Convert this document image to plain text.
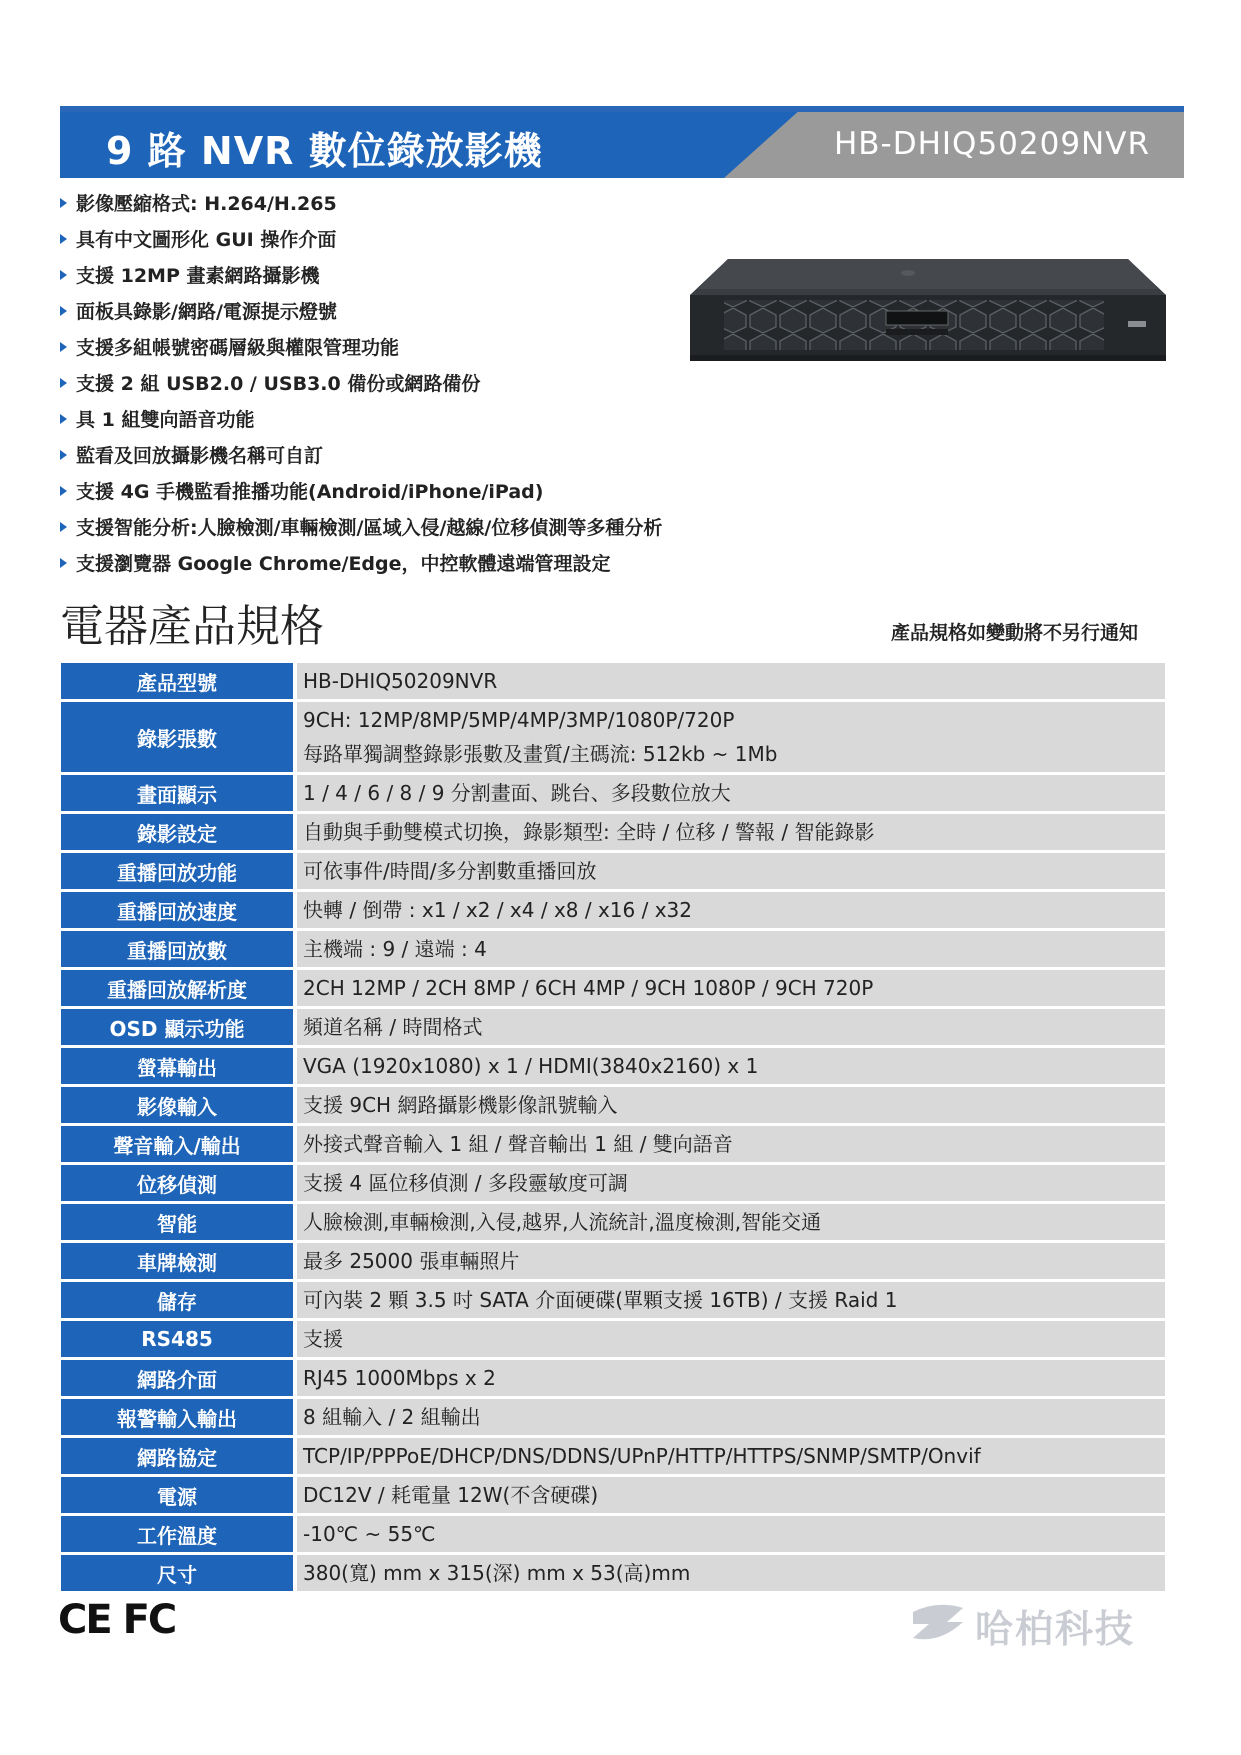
9 路 NVR 數位錄放影機	HB-DHIQ50209NVR
影像壓縮格式: H.264/H.265
具有中文圖形化 GUI 操作介面
支援 12MP 畫素網路攝影機
面板具錄影/網路/電源提示燈號
支援多組帳號密碼層級與權限管理功能
支援 2 組 USB2.0 / USB3.0 備份或網路備份
具 1 組雙向語音功能
監看及回放攝影機名稱可自訂
支援 4G 手機監看推播功能(Android/iPhone/iPad)
支援智能分析:人臉檢測/車輛檢測/區域入侵/越線/位移偵測等多種分析
支援瀏覽器 Google Chrome/Edge，中控軟體遠端管理設定
電器產品規格	產品規格如變動將不另行通知
產品型號	HB-DHIQ50209NVR

錄影張數	9CH: 12MP/8MP/5MP/4MP/3MP/1080P/720P
每路單獨調整錄影張數及畫質/主碼流: 512kb ~ 1Mb

畫面顯示	1 / 4 / 6 / 8 / 9 分割畫面、跳台、多段數位放大

錄影設定	自動與手動雙模式切換，錄影類型: 全時 / 位移 / 警報 / 智能錄影

重播回放功能	可依事件/時間/多分割數重播回放

重播回放速度	快轉 / 倒帶 : x1 / x2 / x4 / x8 / x16 / x32

重播回放數	主機端 : 9 / 遠端 : 4

重播回放解析度	2CH 12MP / 2CH 8MP / 6CH 4MP / 9CH 1080P / 9CH 720P

OSD 顯示功能	頻道名稱 / 時間格式

螢幕輸出	VGA (1920x1080) x 1 / HDMI(3840x2160) x 1

影像輸入	支援 9CH 網路攝影機影像訊號輸入

聲音輸入/輸出	外接式聲音輸入 1 組 / 聲音輸出 1 組 / 雙向語音

位移偵測	支援 4 區位移偵測 / 多段靈敏度可調

智能	人臉檢測,車輛檢測,入侵,越界,人流統計,溫度檢測,智能交通

車牌檢測	最多 25000 張車輛照片

儲存	可內裝 2 顆 3.5 吋 SATA 介面硬碟(單顆支援 16TB) / 支援 Raid 1

RS485	支援

網路介面	RJ45 1000Mbps x 2

報警輸入輸出	8 組輸入 / 2 組輸出

網路協定	TCP/IP/PPPoE/DHCP/DNS/DDNS/UPnP/HTTP/HTTPS/SNMP/SMTP/Onvif

電源	DC12V / 耗電量 12W(不含硬碟)

工作溫度	-10℃ ~ 55℃

尺寸	380(寬) mm x 315(深) mm x 53(高)mm
CE FC	哈柏科技
